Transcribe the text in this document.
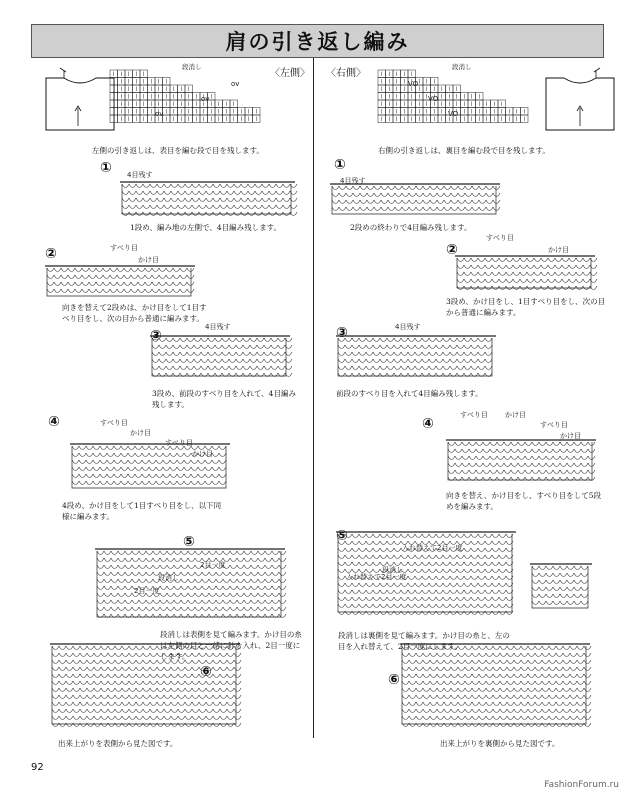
肩の引き返し編み
段消し
ov
ov
ov
〈左側〉
左側の引き返しは、表目を編む段で目を残します。
① 4目残す
1段め、編み地の左側で、4目編み残します。
②	すべり目
かけ目
向きを替えて2段めは、かけ目をして1目すべり目をし、次の目から普通に編みます。
③
4目残す
3段め、前段のすべり目を入れて、4目編み残します。
④	すべり目
かけ目
すべり目
かけ目
4段め、かけ目をして1目すべり目をし、以下同様に編みます。
⑤
2目一度
段消し
2目一度
段消しは表側を見て編みます。かけ目の糸は左側の目と一緒に針を入れ、2目一度にします。
⑥
出来上がりを表側から見た図です。
〈右側〉
段消し
VO
VO
VO
右側の引き返しは、裏目を編む段で目を残します。
①
4目残す
2段めの終わりで4目編み残します。
②
すべり目
かけ目
3段め、かけ目をし、1目すべり目をし、次の目から普通に編みます。
③	4目残す
前段のすべり目を入れて4目編み残します。
④
すべり目 かけ目
すべり目
かけ目
向きを替え、かけ目をし、すべり目をして5段めを編みます。
⑤
入れ替えて2目一度
段消し
入れ替えて2目一度
段消しは裏側を見て編みます。かけ目の糸と、左の目を入れ替えて、2目一度にします。
⑥
出来上がりを裏側から見た図です。
92
FashionForum.ru
